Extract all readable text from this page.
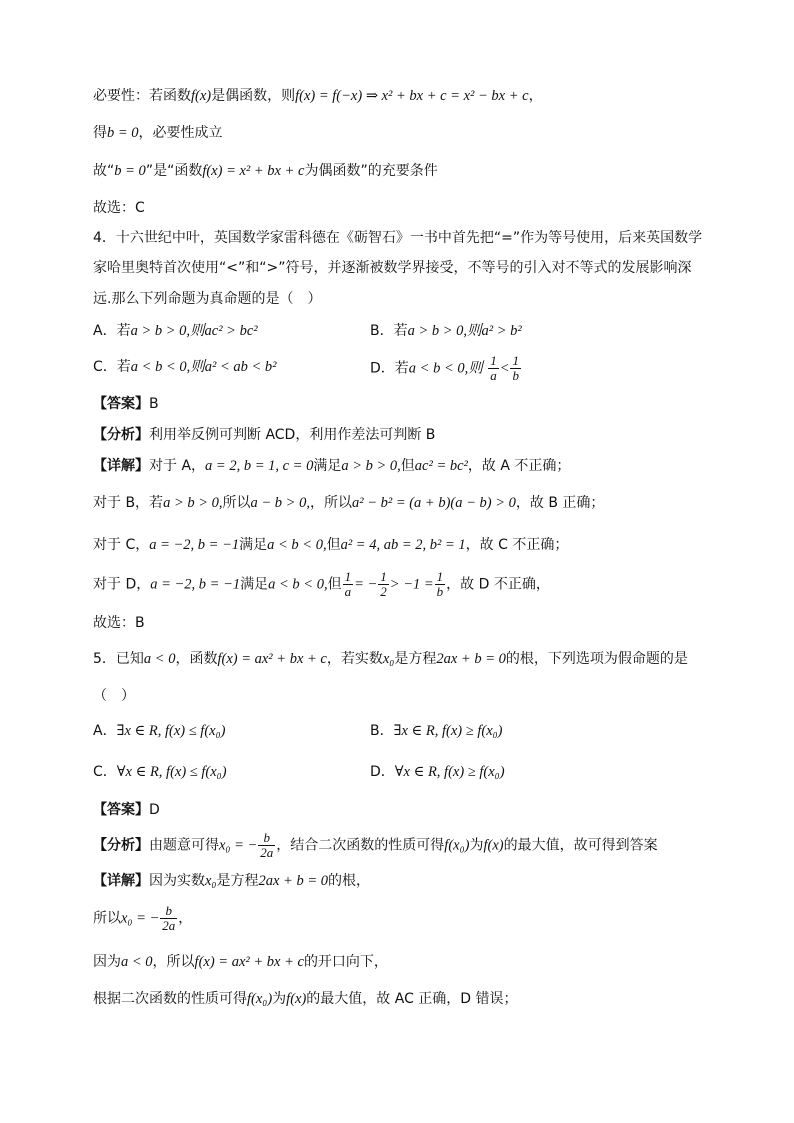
必要性：若函数f(x)是偶函数，则f(x) = f(−x) ⇒ x² + bx + c = x² − bx + c，
得b = 0，必要性成立
故“b = 0”是“函数f(x) = x² + bx + c为偶函数”的充要条件
故选：C
4．十六世纪中叶，英国数学家雷科德在《砺智石》一书中首先把“=”作为等号使用，后来英国数学
家哈里奥特首次使用“<”和“>”符号，并逐渐被数学界接受，不等号的引入对不等式的发展影响深
远.那么下列命题为真命题的是（　）
A．若a > b > 0,则ac² > bc²	B．若a > b > 0,则a² > b²
C．若a < b < 0,则a² < ab < b²	D．若a < b < 0,则 $\frac{1}{a} < \frac{1}{b}$
【答案】B
【分析】利用举反例可判断 ACD，利用作差法可判断 B
【详解】对于 A，a = 2, b = 1, c = 0满足a > b > 0,但ac² = bc²，故 A 不正确；
对于 B，若a > b > 0,所以a − b > 0,，所以a² − b² = (a + b)(a − b) > 0，故 B 正确；
对于 C，a = −2, b = −1满足a < b < 0,但a² = 4, ab = 2, b² = 1，故 C 不正确；
对于 D，a = −2, b = −1满足a < b < 0,但 $\frac{1}{a}$ = − $\frac{1}{2} > -1 = \frac{1}{b}$ ，故 D 不正确，
故选：B
5．已知a < 0，函数f(x) = ax² + bx + c，若实数x₀是方程2ax + b = 0的根，下列选项为假命题的是
（　）
A．∃x ∈ R, f(x) ≤ f(x₀)	B．∃x ∈ R, f(x) ≥ f(x₀)
C．∀x ∈ R, f(x) ≤ f(x₀)	D．∀x ∈ R, f(x) ≥ f(x₀)
【答案】D
【分析】由题意可得x₀ = − $\frac{b}{2a}$ ，结合二次函数的性质可得f(x₀)为f(x)的最大值，故可得到答案
【详解】因为实数x₀是方程2ax + b = 0的根，
所以x₀ = − $\frac{b}{2a}$ ，
因为a < 0，所以f(x) = ax² + bx + c的开口向下，
根据二次函数的性质可得f(x₀)为f(x)的最大值，故 AC 正确，D 错误；
